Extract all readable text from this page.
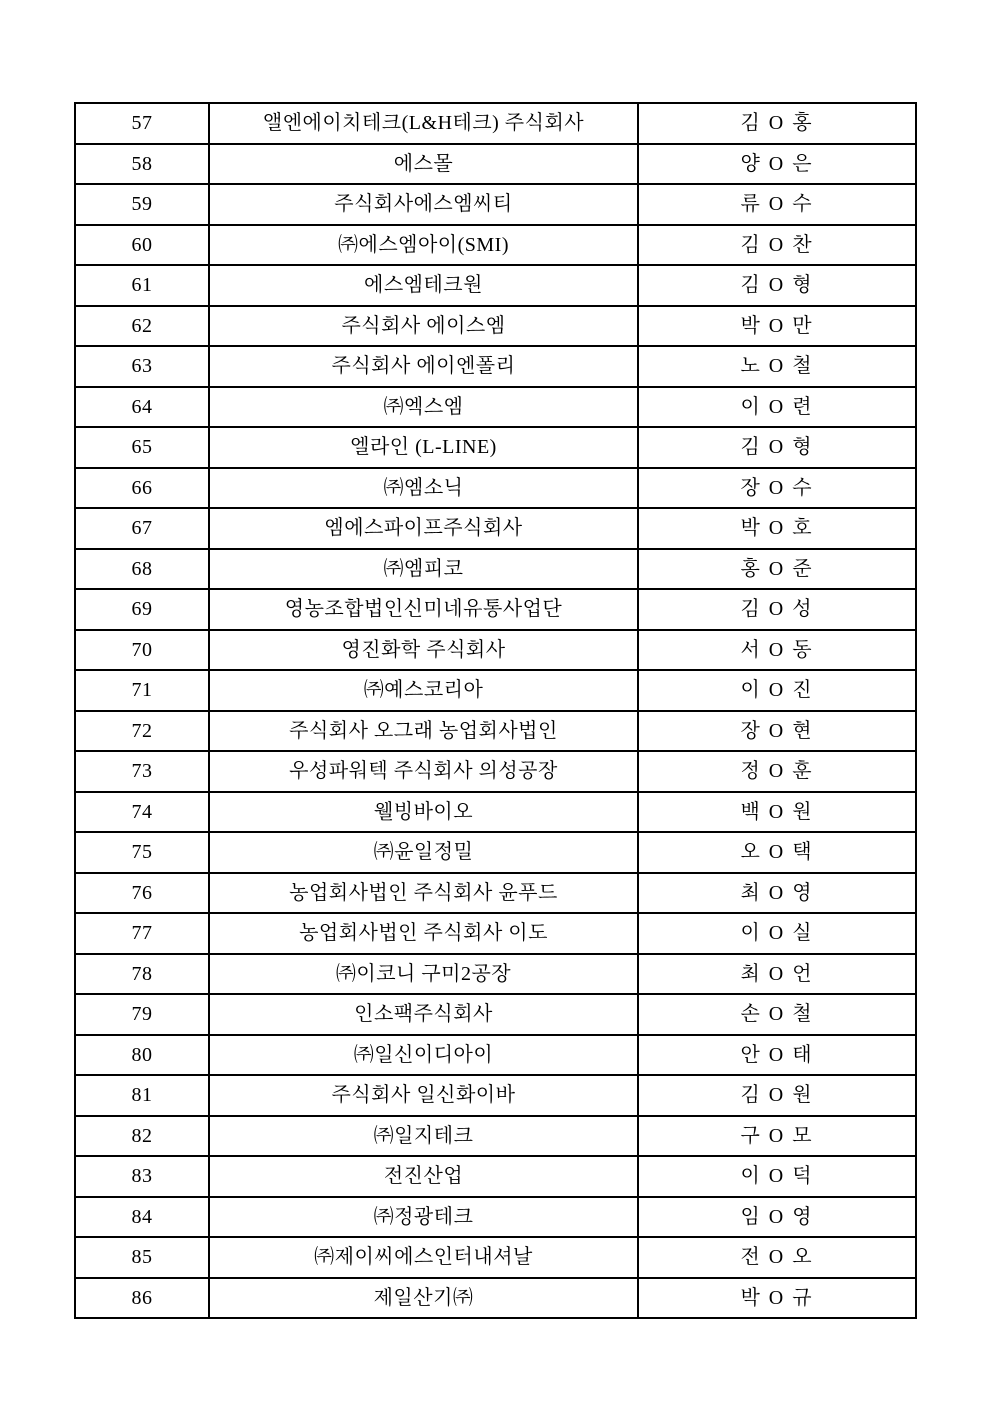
57	앨엔에이치테크(L&H테크) 주식회사	김 O 홍
58	에스몰	양 O 은
59	주식회사에스엠씨티	류 O 수
60	㈜에스엠아이(SMI)	김 O 찬
61	에스엠테크원	김 O 형
62	주식회사 에이스엠	박 O 만
63	주식회사 에이엔폴리	노 O 철
64	㈜엑스엠	이 O 련
65	엘라인 (L-LINE)	김 O 형
66	㈜엠소닉	장 O 수
67	엠에스파이프주식회사	박 O 호
68	㈜엠피코	홍 O 준
69	영농조합법인신미네유통사업단	김 O 성
70	영진화학 주식회사	서 O 동
71	㈜예스코리아	이 O 진
72	주식회사 오그래 농업회사법인	장 O 현
73	우성파워텍 주식회사 의성공장	정 O 훈
74	웰빙바이오	백 O 원
75	㈜윤일정밀	오 O 택
76	농업회사법인 주식회사 윤푸드	최 O 영
77	농업회사법인 주식회사 이도	이 O 실
78	㈜이코니 구미2공장	최 O 언
79	인소팩주식회사	손 O 철
80	㈜일신이디아이	안 O 태
81	주식회사 일신화이바	김 O 원
82	㈜일지테크	구 O 모
83	전진산업	이 O 덕
84	㈜정광테크	임 O 영
85	㈜제이씨에스인터내셔날	전 O 오
86	제일산기㈜	박 O 규
